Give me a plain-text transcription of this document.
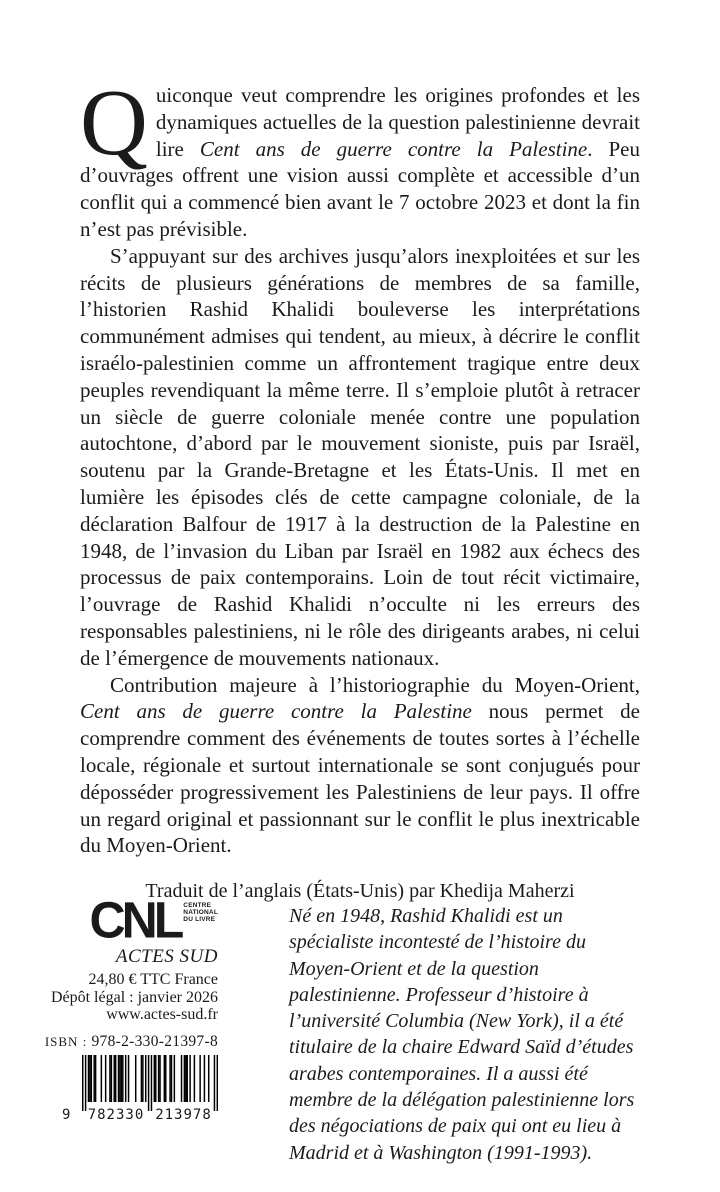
Q uiconque veut comprendre les origines profondes et les dynamiques actuelles de la question palestinienne devrait lire Cent ans de guerre contre la Palestine. Peu d’ouvrages offrent une vision aussi complète et accessible d’un conflit qui a commencé bien avant le 7 octobre 2023 et dont la fin n’est pas prévisible.

S’appuyant sur des archives jusqu’alors inexploitées et sur les récits de plusieurs générations de membres de sa famille, l’historien Rashid Khalidi bouleverse les interprétations communément admises qui tendent, au mieux, à décrire le conflit israélo-palestinien comme un affrontement tragique entre deux peuples revendiquant la même terre. Il s’emploie plutôt à retracer un siècle de guerre coloniale menée contre une population autochtone, d’abord par le mouvement sioniste, puis par Israël, soutenu par la Grande-Bretagne et les États-Unis. Il met en lumière les épisodes clés de cette campagne coloniale, de la déclaration Balfour de 1917 à la destruction de la Palestine en 1948, de l’invasion du Liban par Israël en 1982 aux échecs des processus de paix contemporains. Loin de tout récit victimaire, l’ouvrage de Rashid Khalidi n’occulte ni les erreurs des responsables palestiniens, ni le rôle des dirigeants arabes, ni celui de l’émergence de mouvements nationaux.

Contribution majeure à l’historiographie du Moyen-Orient, Cent ans de guerre contre la Palestine nous permet de comprendre comment des événements de toutes sortes à l’échelle locale, régionale et surtout internationale se sont conjugués pour déposséder progressivement les Palestiniens de leur pays. Il offre un regard original et passionnant sur le conflit le plus inextricable du Moyen-Orient.

Traduit de l’anglais (États-Unis) par Khedija Maherzi

CNL CENTRE
NATIONAL
DU LIVRE
ACTES SUD
24,80 € TTC France
Dépôt légal : janvier 2026
www.actes-sud.fr
ISBN : 978-2-330-21397-8
9	782330 213978
Né en 1948, Rashid Khalidi est un spécialiste incontesté de l’histoire du Moyen-Orient et de la question palestinienne. Professeur d’histoire à l’université Columbia (New York), il a été titulaire de la chaire Edward Saïd d’études arabes contemporaines. Il a aussi été membre de la délégation palestinienne lors des négociations de paix qui ont eu lieu à Madrid et à Washington (1991-1993).
